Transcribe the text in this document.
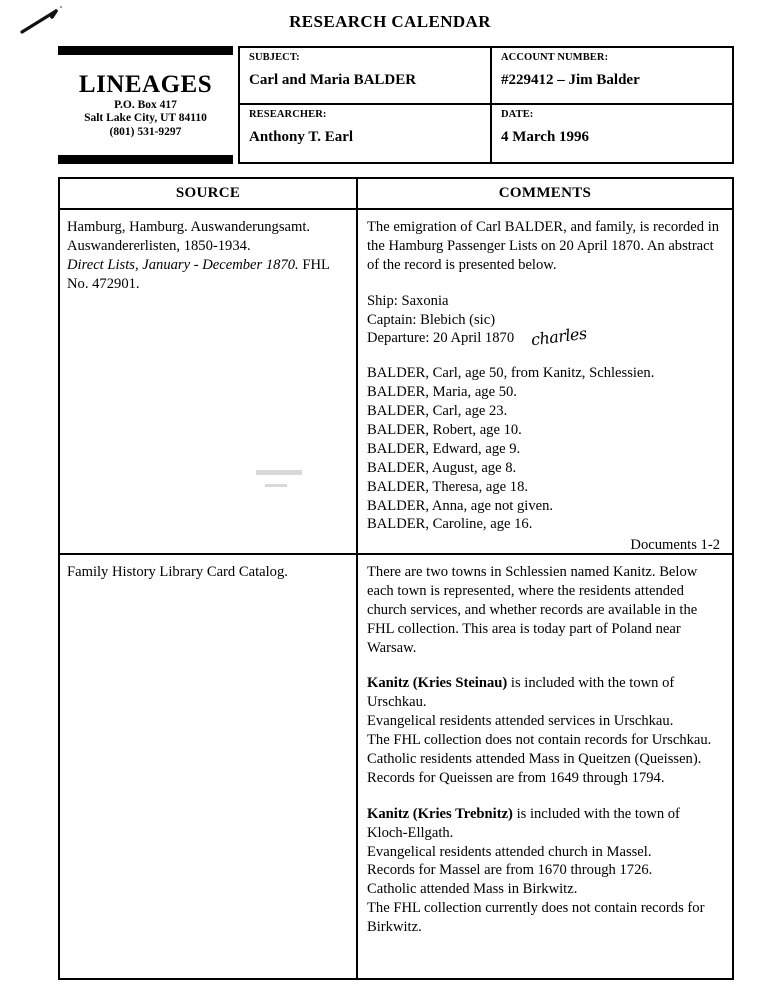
RESEARCH CALENDAR
LINEAGES
P.O. Box 417
Salt Lake City, UT 84110
(801) 531-9297
SUBJECT:
Carl and Maria BALDER
ACCOUNT NUMBER:
#229412 – Jim Balder
RESEARCHER:
Anthony T. Earl
DATE:
4 March 1996
SOURCE	COMMENTS
Hamburg, Hamburg. Auswanderungsamt.
Auswandererlisten, 1850-1934.
Direct Lists, January - December 1870. FHL
No. 472901.

The emigration of Carl BALDER, and family, is recorded in the Hamburg Passenger Lists on 20 April 1870. An abstract of the record is presented below.

Ship: Saxonia
Captain: Blebich (sic)
Departure: 20 April 1870
BALDER, Carl, age 50, from Kanitz, Schlessien.
BALDER, Maria, age 50.
BALDER, Carl, age 23.
BALDER, Robert, age 10.
BALDER, Edward, age 9.
BALDER, August, age 8.
BALDER, Theresa, age 18.
BALDER, Anna, age not given.
BALDER, Caroline, age 16.
Documents 1-2
charles
Family History Library Card Catalog.	There are two towns in Schlessien named Kanitz. Below each town is represented, where the residents attended church services, and whether records are available in the FHL collection. This area is today part of Poland near Warsaw.

Kanitz (Kries Steinau) is included with the town of Urschkau.

Evangelical residents attended services in Urschkau.

The FHL collection does not contain records for Urschkau.

Catholic residents attended Mass in Queitzen (Queissen).

Records for Queissen are from 1649 through 1794.

Kanitz (Kries Trebnitz) is included with the town of Kloch-Ellgath.

Evangelical residents attended church in Massel.

Records for Massel are from 1670 through 1726.

Catholic attended Mass in Birkwitz.

The FHL collection currently does not contain records for Birkwitz.
